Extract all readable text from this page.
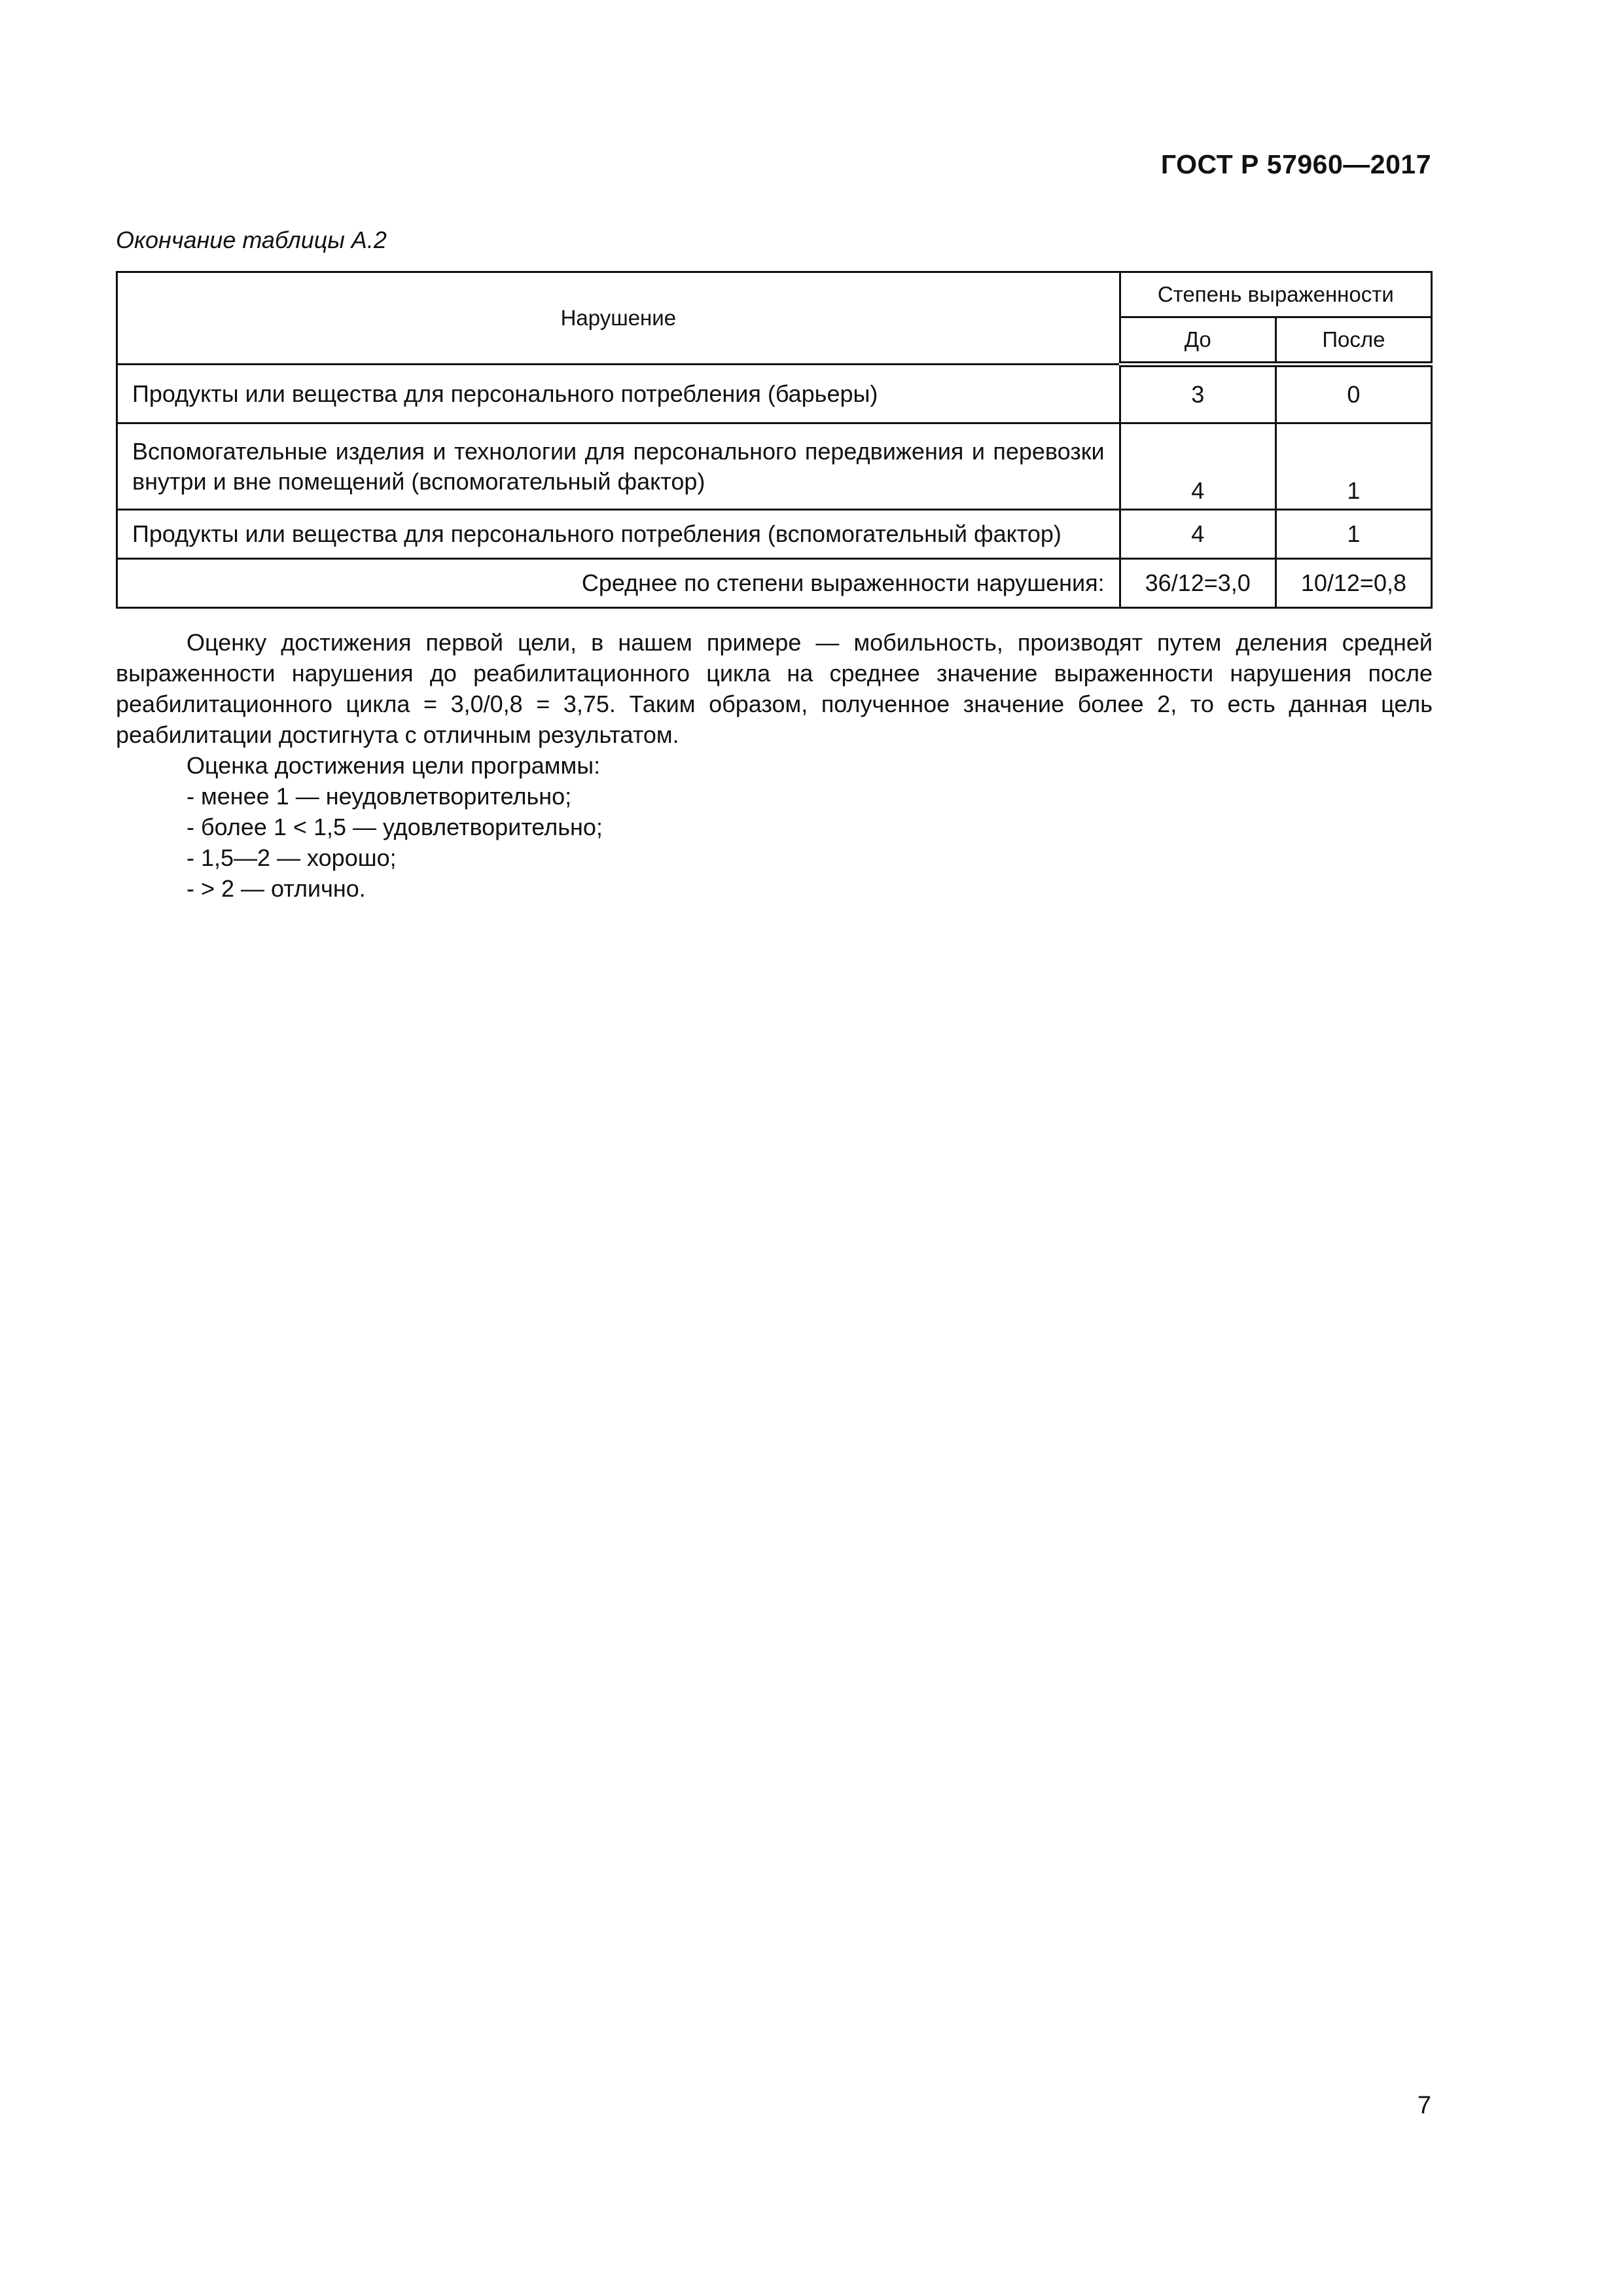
ГОСТ Р 57960—2017
Окончание таблицы А.2
Нарушение	Степень выраженности	
	До	После
Продукты или вещества для персонального потребления (барьеры)	3	0
Вспомогательные изделия и технологии для персонального передвижения и перевозки внутри и вне помещений (вспомогательный фактор)	4	1
Продукты или вещества для персонального потребления (вспомогательный фактор)	4	1
Среднее по степени выраженности нарушения:	36/12=3,0	10/12=0,8

Оценку достижения первой цели, в нашем примере — мобильность, производят путем деления средней выраженности нарушения до реабилитационного цикла на среднее значение выраженности нарушения после реабилитационного цикла = 3,0/0,8 = 3,75. Таким образом, полученное значение более 2, то есть данная цель реабилитации достигнута с отличным результатом.

Оценка достижения цели программы:

- менее 1 — неудовлетворительно;

- более 1 < 1,5 — удовлетворительно;

- 1,5—2 — хорошо;

- > 2 — отлично.

7
